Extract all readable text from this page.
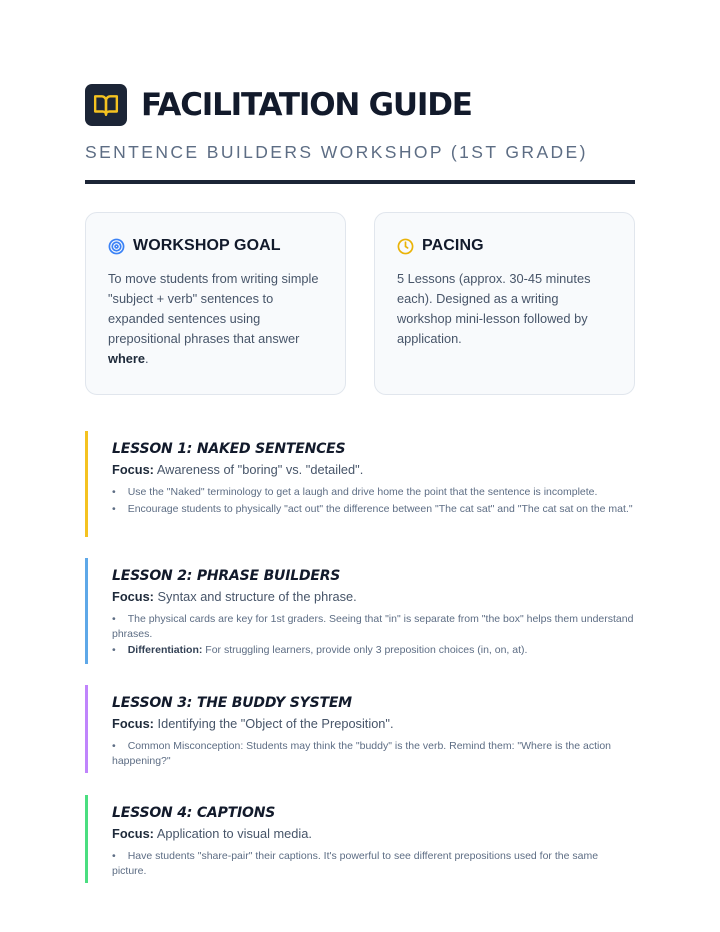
FACILITATION GUIDE
SENTENCE BUILDERS WORKSHOP (1ST GRADE)
WORKSHOP GOAL

To move students from writing simple "subject + verb" sentences to expanded sentences using prepositional phrases that answer where.

PACING

5 Lessons (approx. 30-45 minutes each). Designed as a writing workshop mini-lesson followed by application.

LESSON 1: NAKED SENTENCES

Focus: Awareness of "boring" vs. "detailed".

• Use the "Naked" terminology to get a laugh and drive home the point that the sentence is incomplete.
• Encourage students to physically "act out" the difference between "The cat sat" and "The cat sat on the mat."
LESSON 2: PHRASE BUILDERS

Focus: Syntax and structure of the phrase.

• The physical cards are key for 1st graders. Seeing that "in" is separate from "the box" helps them understand phrases.
• Differentiation: For struggling learners, provide only 3 preposition choices (in, on, at).
LESSON 3: THE BUDDY SYSTEM

Focus: Identifying the "Object of the Preposition".

• Common Misconception: Students may think the "buddy" is the verb. Remind them: "Where is the action happening?"
LESSON 4: CAPTIONS

Focus: Application to visual media.

• Have students "share-pair" their captions. It's powerful to see different prepositions used for the same picture.
